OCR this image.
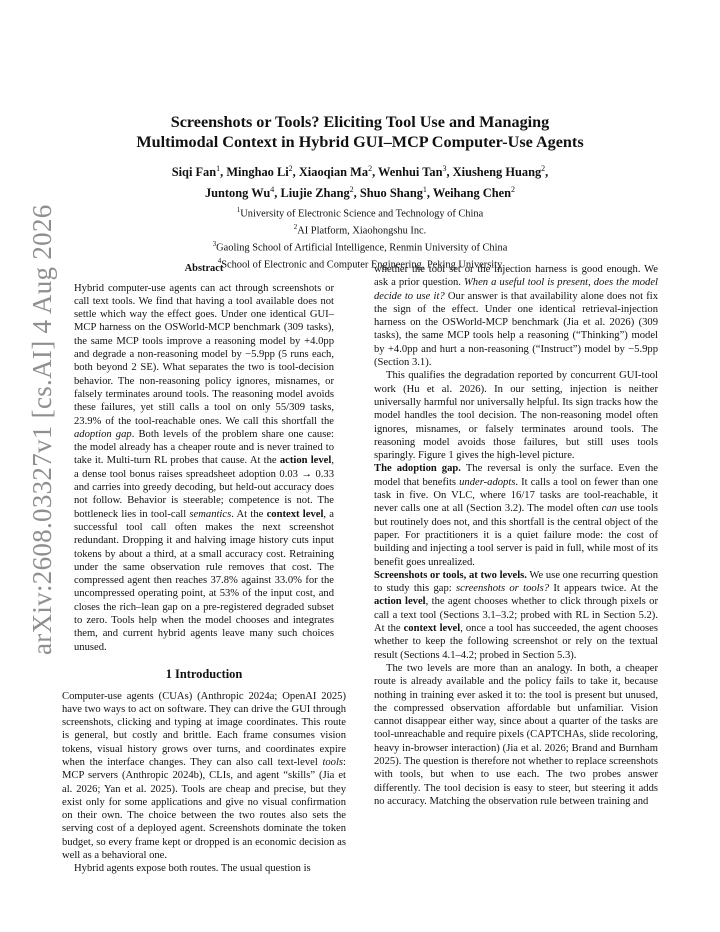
arXiv:2608.03327v1 [cs.AI] 4 Aug 2026
Screenshots or Tools? Eliciting Tool Use and Managing
Multimodal Context in Hybrid GUI–MCP Computer-Use Agents
Siqi Fan$^1$, Minghao Li$^2$, Xiaoqian Ma$^2$, Wenhui Tan$^3$, Xiusheng Huang$^2$,
Juntong Wu$^4$, Liujie Zhang$^2$, Shuo Shang$^1$, Weihang Chen$^2$
$^1$University of Electronic Science and Technology of China
$^2$AI Platform, Xiaohongshu Inc.
$^3$Gaoling School of Artificial Intelligence, Renmin University of China
$^4$School of Electronic and Computer Engineering, Peking University
Abstract
Hybrid computer-use agents can act through screenshots or call text tools. We find that having a tool available does not settle which way the effect goes. Under one identical GUI–MCP harness on the OSWorld-MCP benchmark (309 tasks), the same MCP tools improve a reasoning model by +4.0pp and degrade a non-reasoning model by −5.9pp (5 runs each, both beyond 2 SE). What separates the two is tool-decision behavior. The non-reasoning policy ignores, misnames, or falsely terminates around tools. The reasoning model avoids these failures, yet still calls a tool on only 55/309 tasks, 23.9% of the tool-reachable ones. We call this shortfall the adoption gap. Both levels of the problem share one cause: the model already has a cheaper route and is never trained to take it. Multi-turn RL probes that cause. At the action level, a dense tool bonus raises spreadsheet adoption 0.03 → 0.33 and carries into greedy decoding, but held-out accuracy does not follow. Behavior is steerable; competence is not. The bottleneck lies in tool-call semantics. At the context level, a successful tool call often makes the next screenshot redundant. Dropping it and halving image history cuts input tokens by about a third, at a small accuracy cost. Retraining under the same observation rule removes that cost. The compressed agent then reaches 37.8% against 33.0% for the uncompressed operating point, at 53% of the input cost, and closes the rich–lean gap on a pre-registered degraded subset to zero. Tools help when the model chooses and integrates them, and current hybrid agents leave many such choices unused.
1 Introduction

Computer-use agents (CUAs) (Anthropic 2024a; OpenAI 2025) have two ways to act on software. They can drive the GUI through screenshots, clicking and typing at image coordinates. This route is general, but costly and brittle. Each frame consumes vision tokens, visual history grows over turns, and coordinates expire when the interface changes. They can also call text-level tools: MCP servers (Anthropic 2024b), CLIs, and agent “skills” (Jia et al. 2026; Yan et al. 2025). Tools are cheap and precise, but they exist only for some applications and give no visual confirmation on their own. The choice between the two routes also sets the serving cost of a deployed agent. Screenshots dominate the token budget, so every frame kept or dropped is an economic decision as well as a behavioral one.

Hybrid agents expose both routes. The usual question is

whether the tool set or the injection harness is good enough. We ask a prior question. When a useful tool is present, does the model decide to use it? Our answer is that availability alone does not fix the sign of the effect. Under one identical retrieval-injection harness on the OSWorld-MCP benchmark (Jia et al. 2026) (309 tasks), the same MCP tools help a reasoning (“Thinking”) model by +4.0pp and hurt a non-reasoning (“Instruct”) model by −5.9pp (Section 3.1).

This qualifies the degradation reported by concurrent GUI-tool work (Hu et al. 2026). In our setting, injection is neither universally harmful nor universally helpful. Its sign tracks how the model handles the tool decision. The non-reasoning model often ignores, misnames, or falsely terminates around tools. The reasoning model avoids those failures, but still uses tools sparingly. Figure 1 gives the high-level picture.

The adoption gap. The reversal is only the surface. Even the model that benefits under-adopts. It calls a tool on fewer than one task in five. On VLC, where 16/17 tasks are tool-reachable, it never calls one at all (Section 3.2). The model often can use tools but routinely does not, and this shortfall is the central object of the paper. For practitioners it is a quiet failure mode: the cost of building and injecting a tool server is paid in full, while most of its benefit goes unrealized.

Screenshots or tools, at two levels. We use one recurring question to study this gap: screenshots or tools? It appears twice. At the action level, the agent chooses whether to click through pixels or call a text tool (Sections 3.1–3.2; probed with RL in Section 5.2). At the context level, once a tool has succeeded, the agent chooses whether to keep the following screenshot or rely on the textual result (Sections 4.1–4.2; probed in Section 5.3).

The two levels are more than an analogy. In both, a cheaper route is already available and the policy fails to take it, because nothing in training ever asked it to: the tool is present but unused, the compressed observation affordable but unfamiliar. Vision cannot disappear either way, since about a quarter of the tasks are tool-unreachable and require pixels (CAPTCHAs, slide recoloring, heavy in-browser interaction) (Jia et al. 2026; Brand and Burnham 2025). The question is therefore not whether to replace screenshots with tools, but when to use each. The two probes answer differently. The tool decision is easy to steer, but steering it adds no accuracy. Matching the observation rule between training and
